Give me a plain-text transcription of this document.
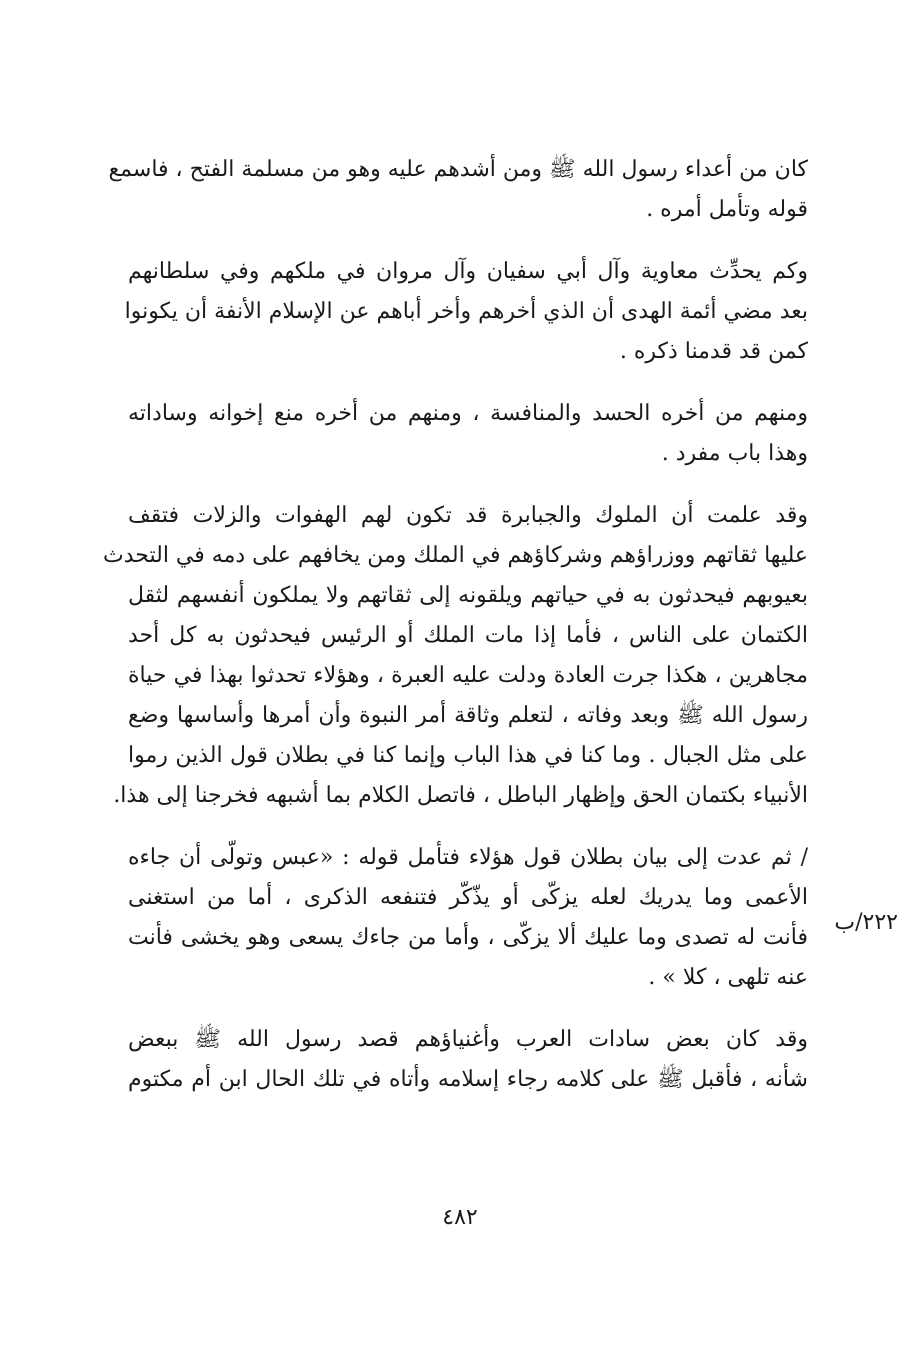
كان من أعداء رسول الله ﷺ ومن أشدهم عليه وهو من مسلمة الفتح ، فاسمع
قوله وتأمل أمره .

وكم يحدِّث معاوية وآل أبي سفيان وآل مروان في ملكهم وفي سلطانهم
بعد مضي أئمة الهدى أن الذي أخرهم وأخر أباهم عن الإسلام الأنفة أن يكونوا
كمن قد قدمنا ذكره .

ومنهم من أخره الحسد والمنافسة ، ومنهم من أخره منع إخوانه وساداته
وهذا باب مفرد .

وقد علمت أن الملوك والجبابرة قد تكون لهم الهفوات والزلات فتقف
عليها ثقاتهم ووزراؤهم وشركاؤهم في الملك ومن يخافهم على دمه في التحدث
بعيوبهم فيحدثون به في حياتهم ويلقونه إلى ثقاتهم ولا يملكون أنفسهم لثقل
الكتمان على الناس ، فأما إذا مات الملك أو الرئيس فيحدثون به كل أحد
مجاهرين ، هكذا جرت العادة ودلت عليه العبرة ، وهؤلاء تحدثوا بهذا في حياة
رسول الله ﷺ وبعد وفاته ، لتعلم وثاقة أمر النبوة وأن أمرها وأساسها وضع
على مثل الجبال . وما كنا في هذا الباب وإنما كنا في بطلان قول الذين رموا
الأنبياء بكتمان الحق وإظهار الباطل ، فاتصل الكلام بما أشبهه فخرجنا إلى هذا.

/ ثم عدت إلى بيان بطلان قول هؤلاء فتأمل قوله : «عبس وتولّى أن جاءه
الأعمى وما يدريك لعله يزكّى أو يذّكّر فتنفعه الذكرى ، أما من استغنى
فأنت له تصدى وما عليك ألا يزكّى ، وأما من جاءك يسعى وهو يخشى فأنت
عنه تلهى ، كلا » .

وقد كان بعض سادات العرب وأغنياؤهم قصد رسول الله ﷺ ببعض
شأنه ، فأقبل ﷺ على كلامه رجاء إسلامه وأتاه في تلك الحال ابن أم مكتوم

٢٢٢/ب
٤٨٢
